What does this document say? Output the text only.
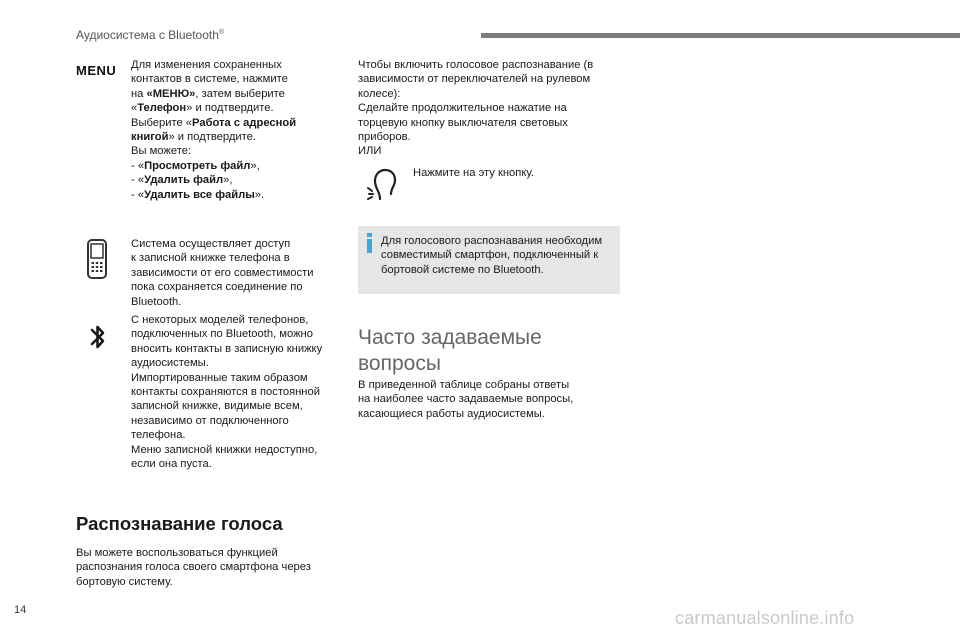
Аудиосистема с Bluetooth®
MENU Для изменения сохраненных

контактов в системе, нажмите

на «МЕНЮ», затем выберите

«Телефон» и подтвердите.

Выберите «Работа с адресной

книгой» и подтвердите.

Вы можете:

- «Просмотреть файл»,

- «Удалить файл»,

- «Удалить все файлы».

Система осуществляет доступ

к записной книжке телефона в

зависимости от его совместимости

пока сохраняется соединение по

Bluetooth.

С некоторых моделей телефонов,

подключенных по Bluetooth, можно

вносить контакты в записную книжку

аудиосистемы.

Импортированные таким образом

контакты сохраняются в постоянной

записной книжке, видимые всем,

независимо от подключенного

телефона.

Меню записной книжки недоступно,

если она пуста.

Распознавание голоса

Вы можете воспользоваться функцией

распознания голоса своего смартфона через

бортовую систему.

Чтобы включить голосовое распознавание (в

зависимости от переключателей на рулевом

колесе):

Сделайте продолжительное нажатие на

торцевую кнопку выключателя световых

приборов.

ИЛИ

Нажмите на эту кнопку.

Для голосового распознавания необходим

совместимый смартфон, подключенный к

бортовой системе по Bluetooth.

Часто задаваемые
вопросы

В приведенной таблице собраны ответы

на наиболее часто задаваемые вопросы,

касающиеся работы аудиосистемы.

14	carmanualsonline.info
